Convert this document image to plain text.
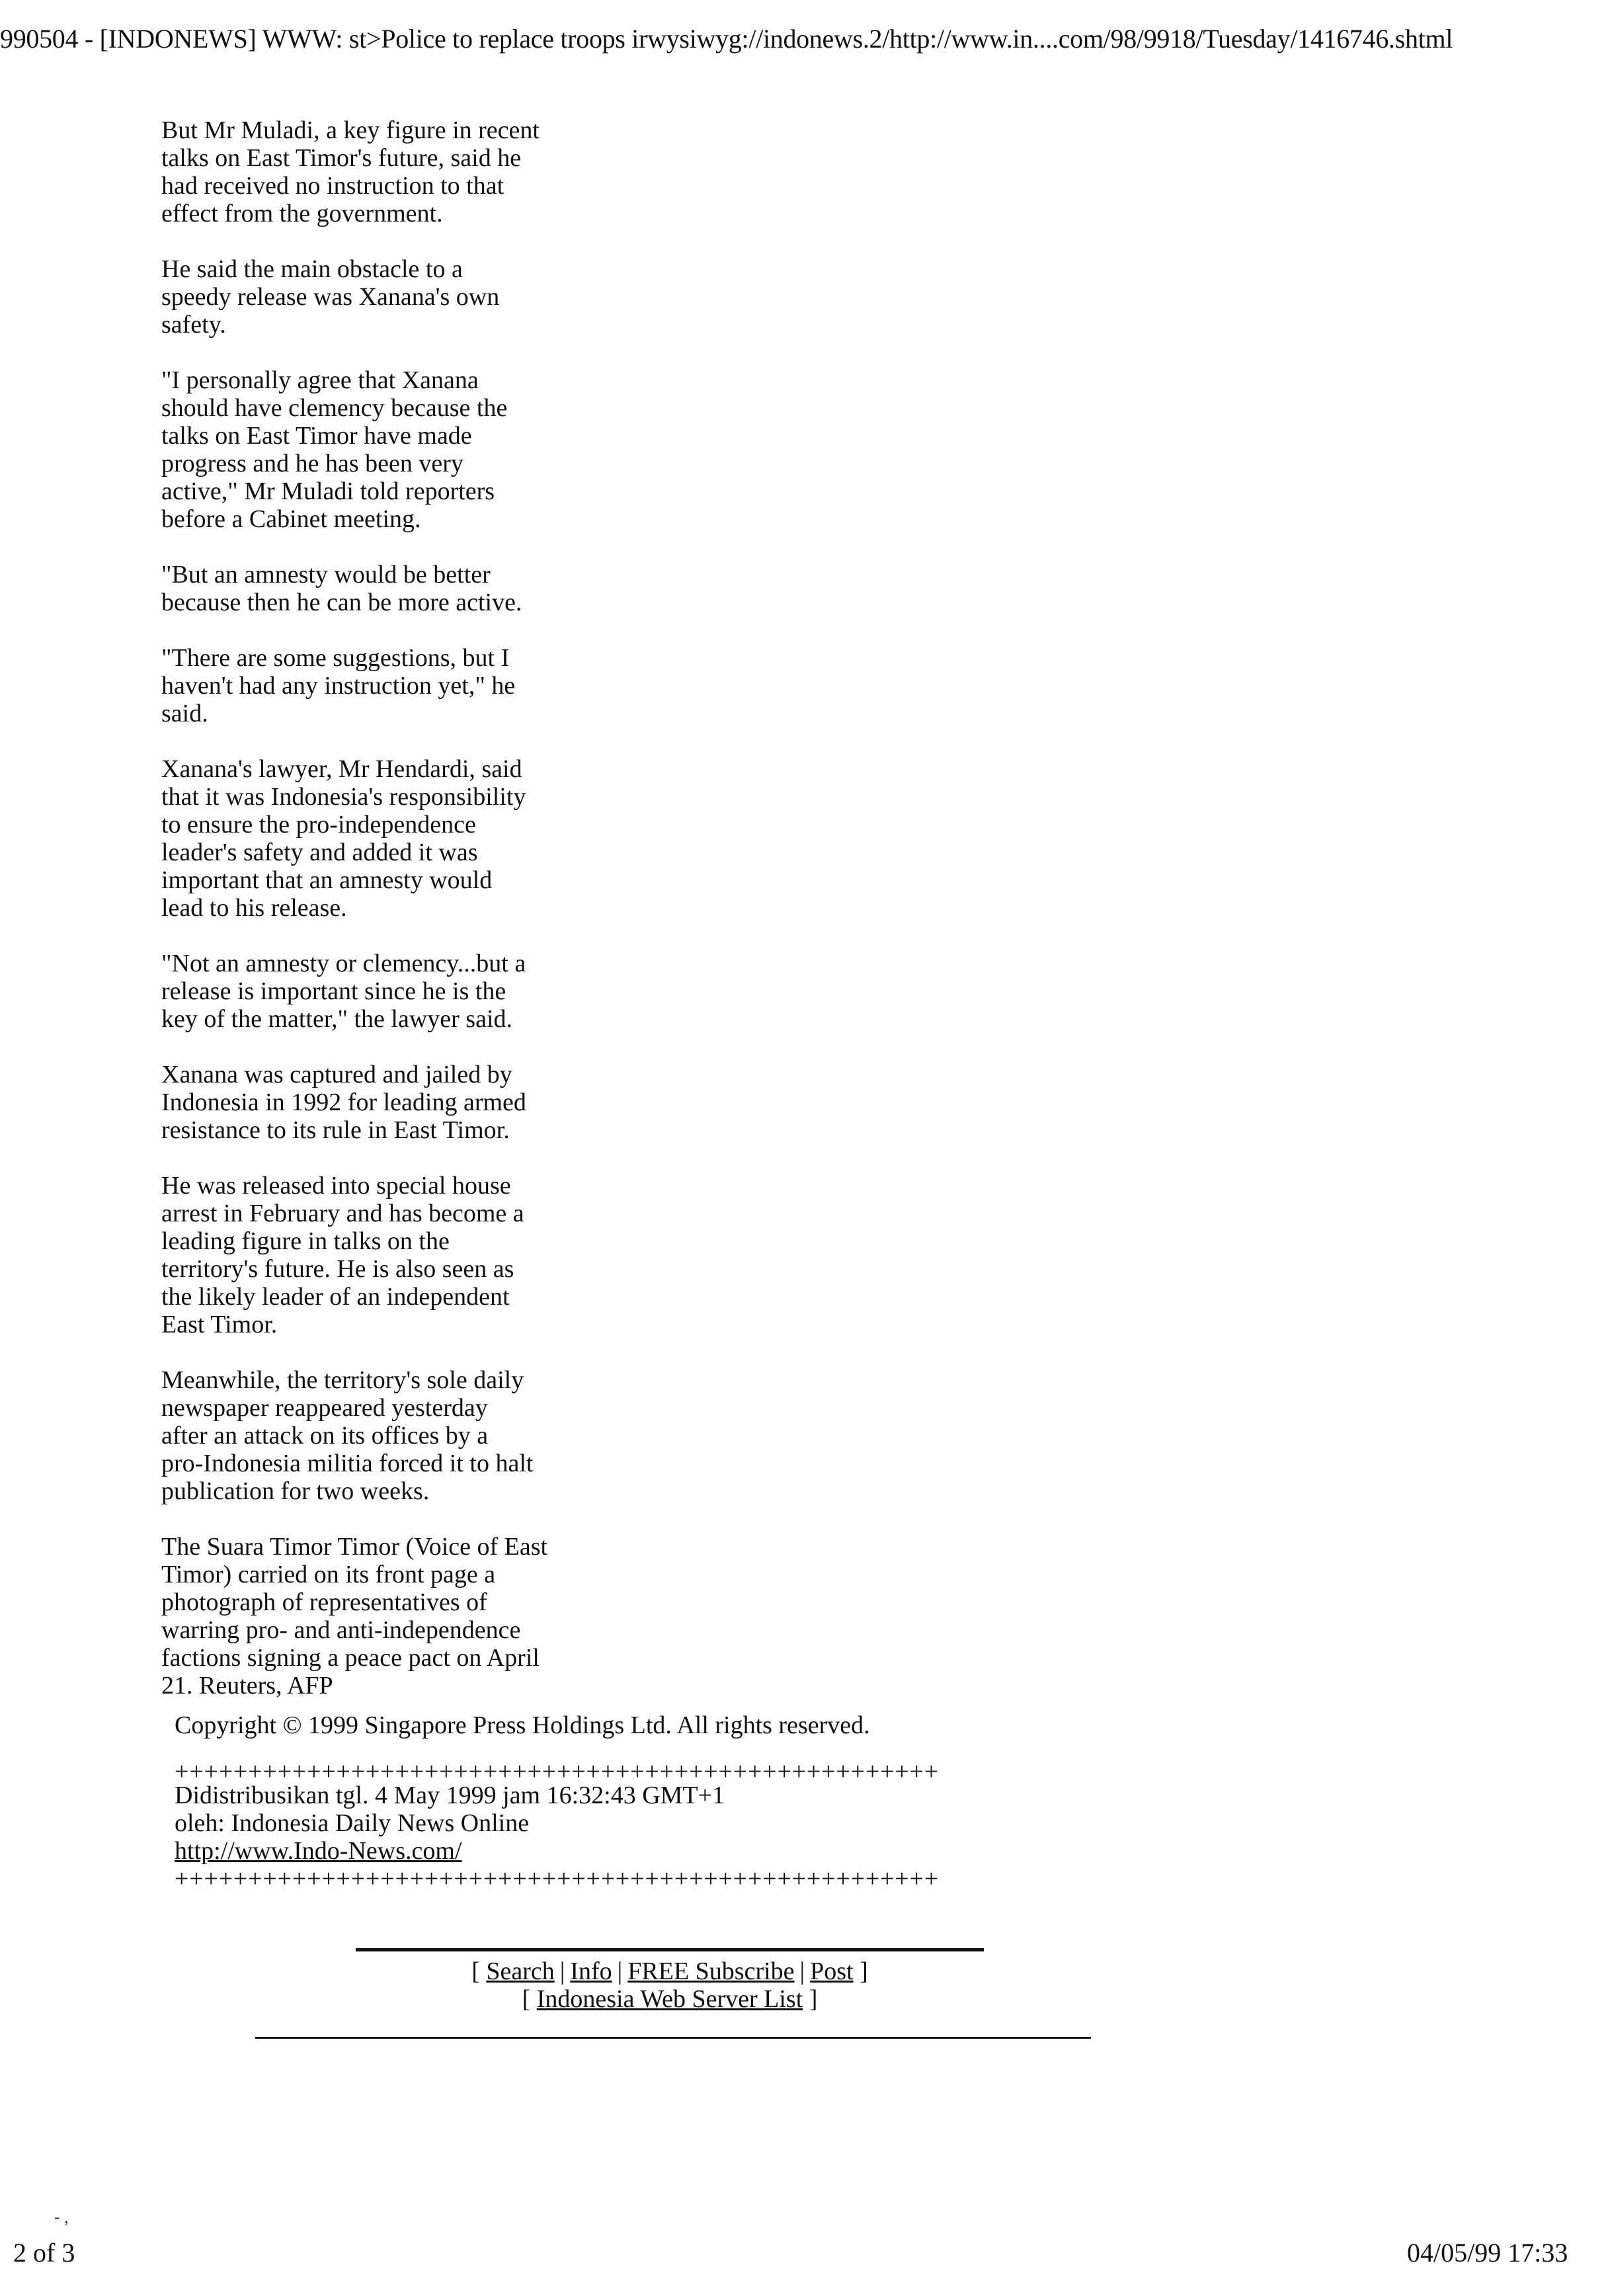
990504 - [INDONEWS] WWW: st>Police to replace troops irwysiwyg://indonews.2/http://www.in....com/98/9918/Tuesday/1416746.shtml

But Mr Muladi, a key figure in recent
talks on East Timor's future, said he
had received no instruction to that
effect from the government.

He said the main obstacle to a
speedy release was Xanana's own
safety.

"I personally agree that Xanana
should have clemency because the
talks on East Timor have made
progress and he has been very
active," Mr Muladi told reporters
before a Cabinet meeting.

"But an amnesty would be better
because then he can be more active.

"There are some suggestions, but I
haven't had any instruction yet," he
said.

Xanana's lawyer, Mr Hendardi, said
that it was Indonesia's responsibility
to ensure the pro-independence
leader's safety and added it was
important that an amnesty would
lead to his release.

"Not an amnesty or clemency...but a
release is important since he is the
key of the matter," the lawyer said.

Xanana was captured and jailed by
Indonesia in 1992 for leading armed
resistance to its rule in East Timor.

He was released into special house
arrest in February and has become a
leading figure in talks on the
territory's future. He is also seen as
the likely leader of an independent
East Timor.

Meanwhile, the territory's sole daily
newspaper reappeared yesterday
after an attack on its offices by a
pro-Indonesia militia forced it to halt
publication for two weeks.

The Suara Timor Timor (Voice of East
Timor) carried on its front page a
photograph of representatives of
warring pro- and anti-independence
factions signing a peace pact on April
21. Reuters, AFP

Copyright © 1999 Singapore Press Holdings Ltd. All rights reserved.
++++++++++++++++++++++++++++++++++++++++++++++++++++
Didistribusikan tgl. 4 May 1999 jam 16:32:43 GMT+1
oleh: Indonesia Daily News Online
http://www.Indo-News.com/
++++++++++++++++++++++++++++++++++++++++++++++++++++
[ Search | Info | FREE Subscribe | Post ]
[ Indonesia Web Server List ]
- ,
2 of 3	04/05/99 17:33
